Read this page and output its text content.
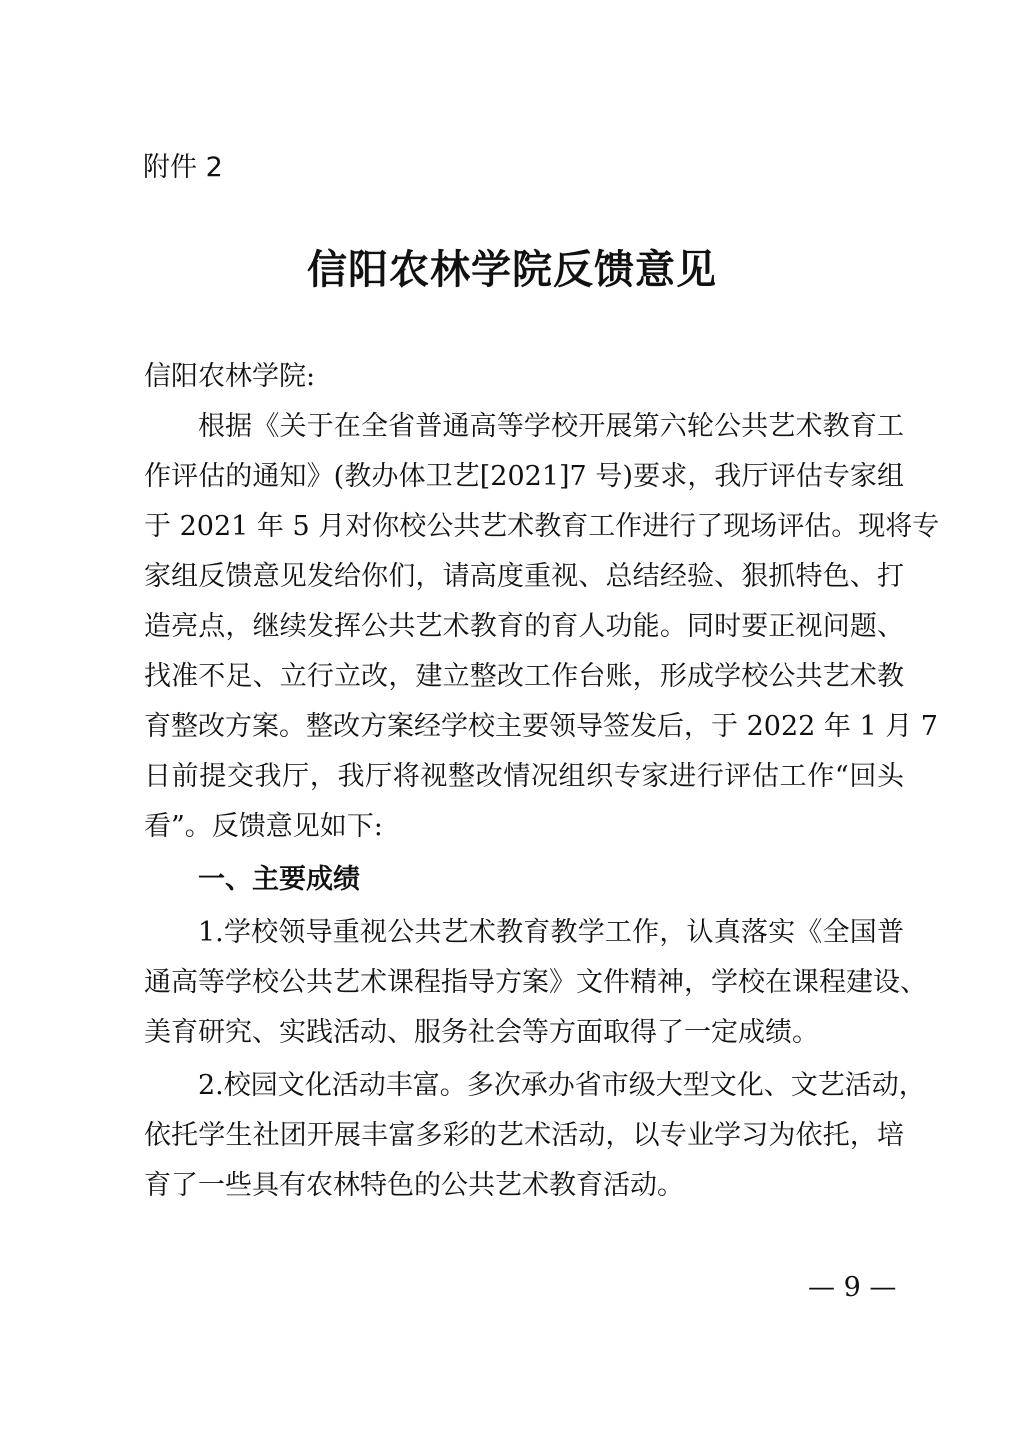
附件 2
信阳农林学院反馈意见
信阳农林学院:
根据《关于在全省普通高等学校开展第六轮公共艺术教育工
作评估的通知》(教办体卫艺[2021]7 号)要求，我厅评估专家组
于 2021 年 5 月对你校公共艺术教育工作进行了现场评估。现将专
家组反馈意见发给你们，请高度重视、总结经验、狠抓特色、打
造亮点，继续发挥公共艺术教育的育人功能。同时要正视问题、
找准不足、立行立改，建立整改工作台账，形成学校公共艺术教
育整改方案。整改方案经学校主要领导签发后，于 2022 年 1 月 7
日前提交我厅，我厅将视整改情况组织专家进行评估工作“回头
看”。反馈意见如下:
一、主要成绩
1.学校领导重视公共艺术教育教学工作，认真落实《全国普
通高等学校公共艺术课程指导方案》文件精神，学校在课程建设、
美育研究、实践活动、服务社会等方面取得了一定成绩。
2.校园文化活动丰富。多次承办省市级大型文化、文艺活动，
依托学生社团开展丰富多彩的艺术活动，以专业学习为依托，培
育了一些具有农林特色的公共艺术教育活动。
— 9 —
